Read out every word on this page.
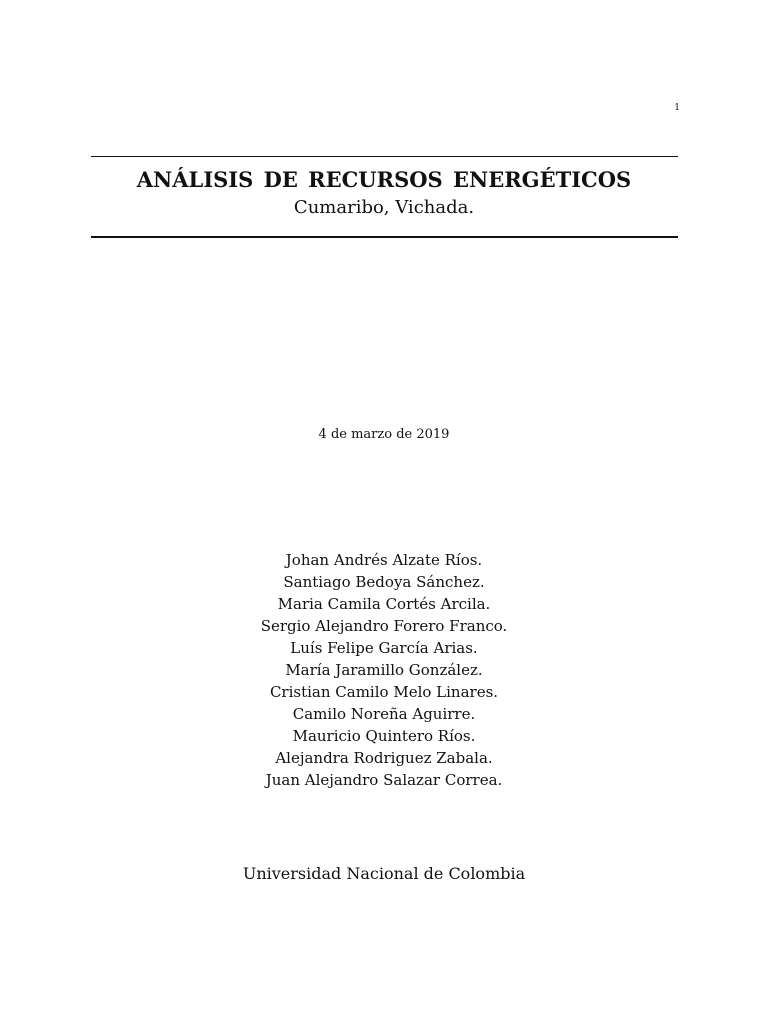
1
ANÁLISIS DE RECURSOS ENERGÉTICOS
Cumaribo, Vichada.
4 de marzo de 2019
Johan Andrés Alzate Ríos.
Santiago Bedoya Sánchez.
Maria Camila Cortés Arcila.
Sergio Alejandro Forero Franco.
Luís Felipe García Arias.
María Jaramillo González.
Cristian Camilo Melo Linares.
Camilo Noreña Aguirre.
Mauricio Quintero Ríos.
Alejandra Rodriguez Zabala.
Juan Alejandro Salazar Correa.
Universidad Nacional de Colombia
